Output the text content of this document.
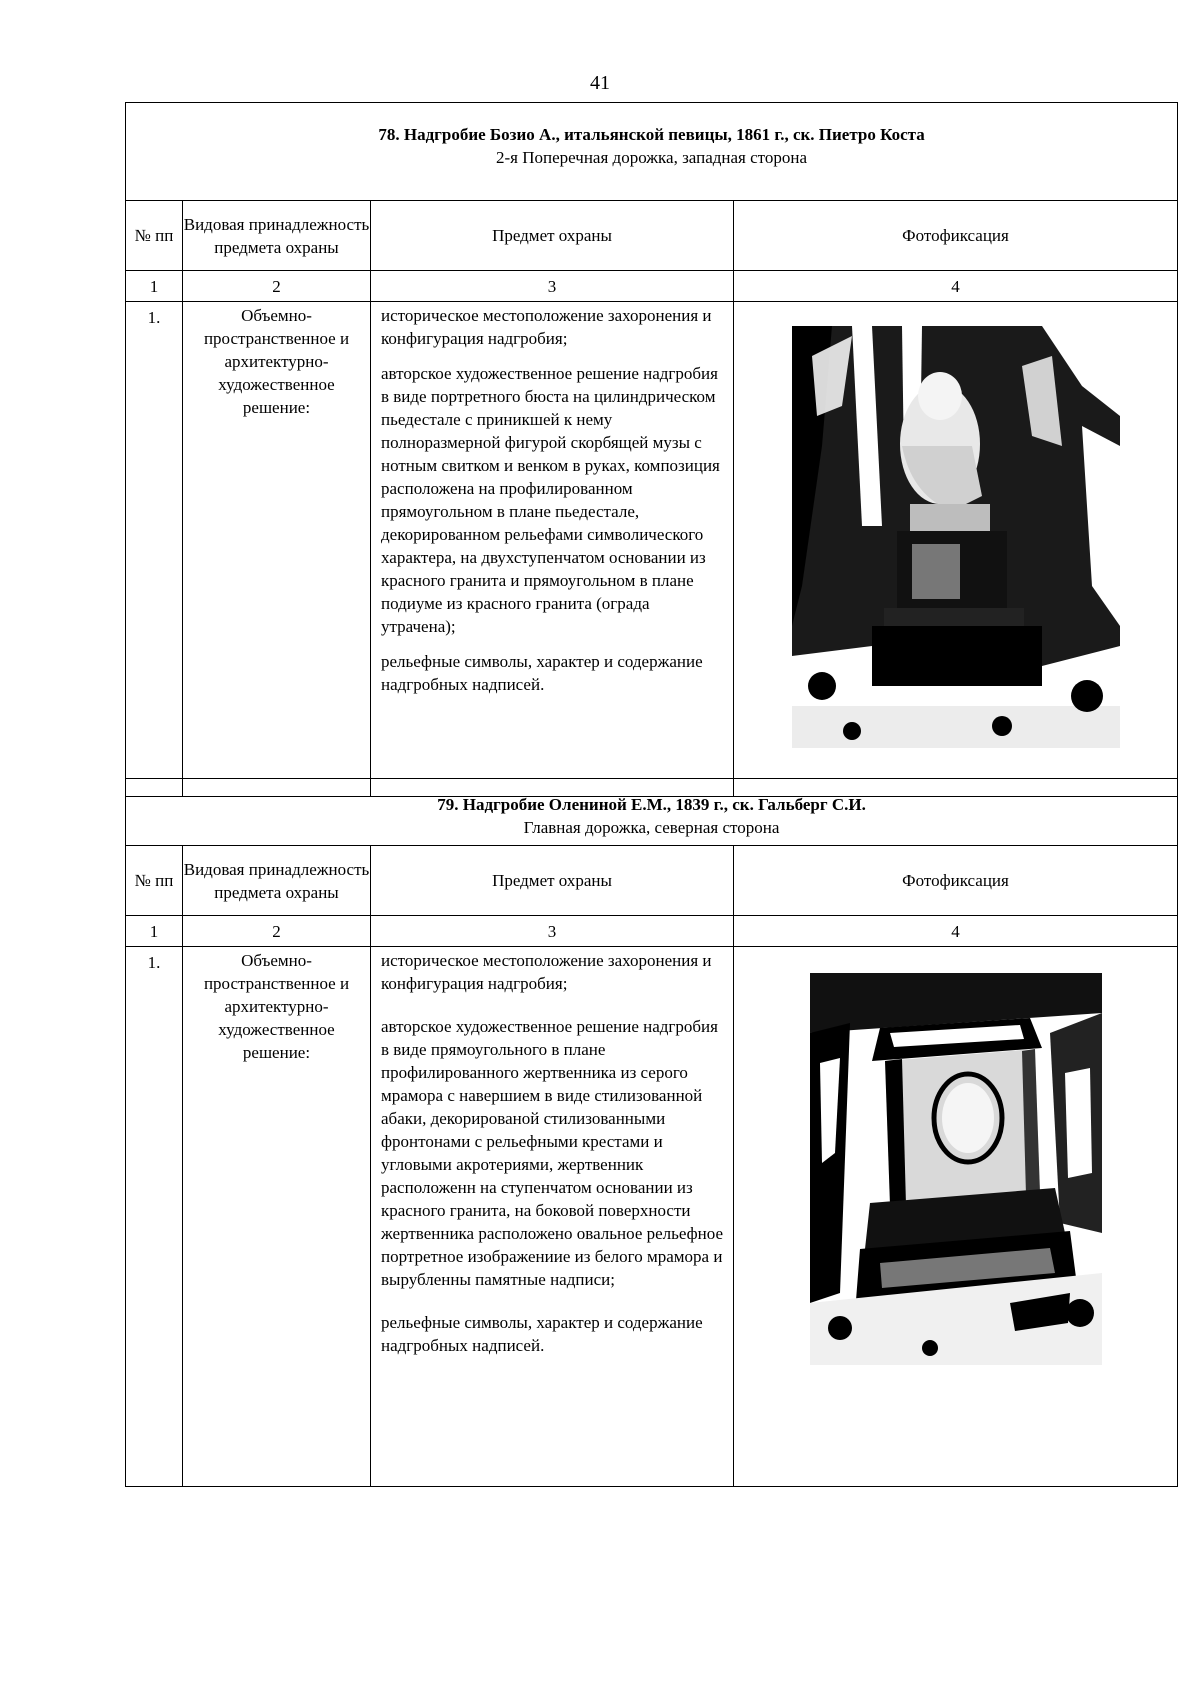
41
78. Надгробие Бозио А., итальянской певицы, 1861 г., ск. Пиетро Коста
2-я Поперечная дорожка, западная сторона			

№ пп	Видовая принадлежность предмета охраны	Предмет охраны	Фотофиксация
1	2	3	4
1.	Объемно-пространственное и архитектурно-художественное решение:	историческое местоположение захоронения и конфигурация надгробия;

авторское художественное решение надгробия в виде портретного бюста на цилиндрическом пьедестале с приникшей к нему полноразмерной фигурой скорбящей музы с нотным свитком и венком в руках, композиция расположена на профилированном прямоугольном в плане пьедестале, декорированном рельефами символического характера, на двухступенчатом основании из красного гранита и прямоугольном в плане подиуме из красного гранита (ограда утрачена);

рельефные символы, характер и содержание надгробных надписей.

79. Надгробие Олениной Е.М., 1839 г., ск. Гальберг С.И.
Главная дорожка, северная сторона			

№ пп	Видовая принадлежность предмета охраны	Предмет охраны	Фотофиксация
1	2	3	4
1.	Объемно-пространственное и архитектурно-художественное решение:	историческое местоположение захоронения и конфигурация надгробия;

авторское художественное решение надгробия в виде прямоугольного в плане профилированного жертвенника из серого мрамора с навершием в виде стилизованной абаки, декорированой стилизованными фронтонами с рельефными крестами и угловыми акротериями, жертвенник расположенн на ступенчатом основании из красного гранита, на боковой поверхности жертвенника расположено овальное рельефное портретное изображениие из белого мрамора и вырубленны памятные надписи;

рельефные символы, характер и содержание надгробных надписей.
